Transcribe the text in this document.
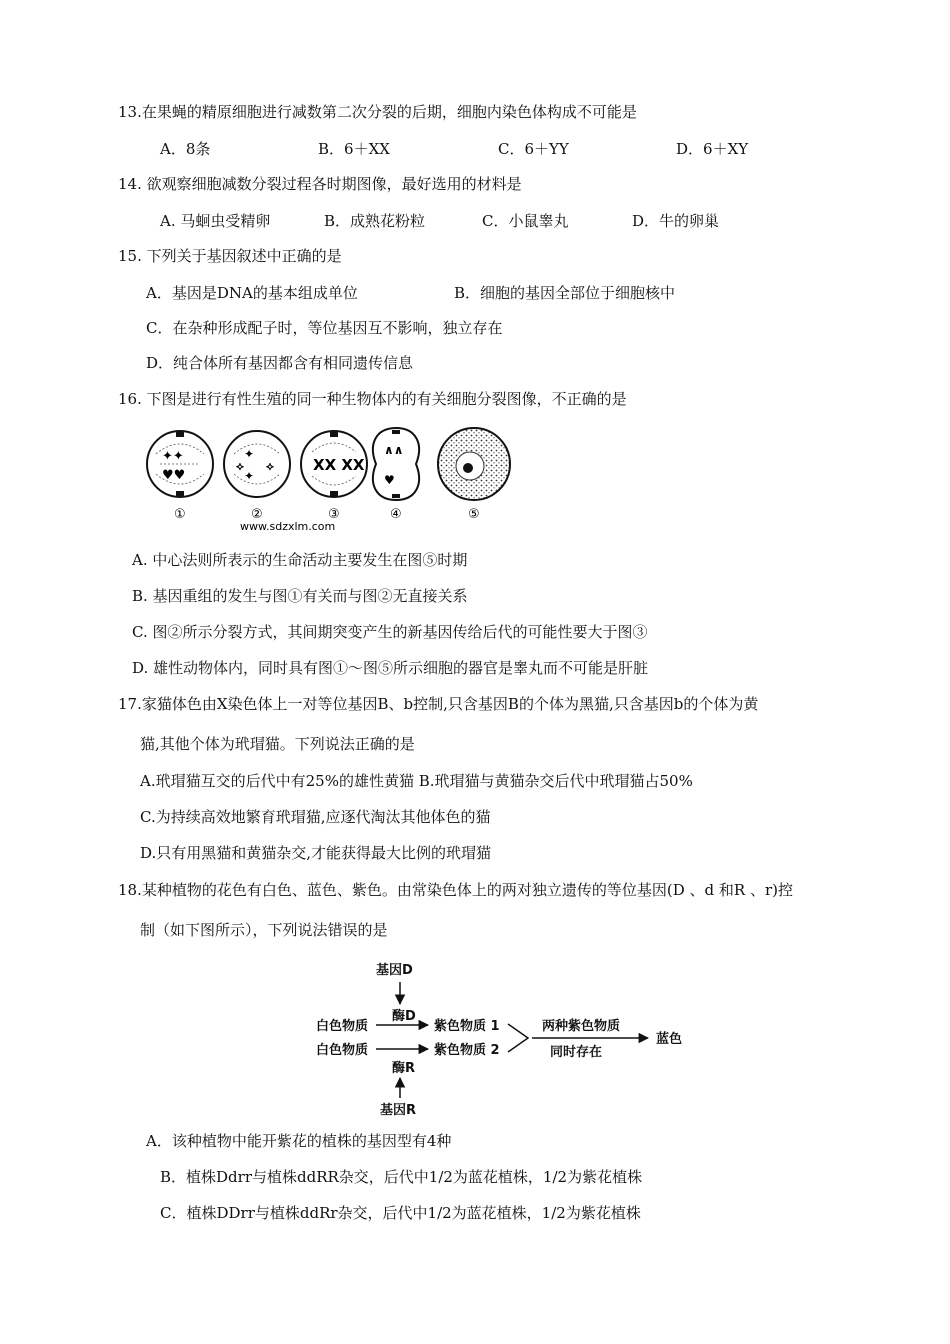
13.在果蝇的精原细胞进行减数第二次分裂的后期，细胞内染色体构成不可能是
A．8条	B．6＋XX	C．6＋YY	D．6＋XY
14. 欲观察细胞减数分裂过程各时期图像，最好选用的材料是
A. 马蛔虫受精卵	B．成熟花粉粒	C．小鼠睾丸	D．牛的卵巢
15. 下列关于基因叙述中正确的是
A．基因是DNA的基本组成单位	B．细胞的基因全部位于细胞核中
C．在杂种形成配子时，等位基因互不影响，独立存在
D．纯合体所有基因都含有相同遗传信息
16. 下图是进行有性生殖的同一种生物体内的有关细胞分裂图像，不正确的是
✦✦
♥♥
✦
✦
⟡ ⟡	XX XX
∧∧
♥
①	②	③	④	⑤
www.sdzxlm.com
A. 中心法则所表示的生命活动主要发生在图⑤时期
B. 基因重组的发生与图①有关而与图②无直接关系
C. 图②所示分裂方式，其间期突变产生的新基因传给后代的可能性要大于图③
D. 雄性动物体内，同时具有图①～图⑤所示细胞的器官是睾丸而不可能是肝脏
17.家猫体色由X染色体上一对等位基因B、b控制,只含基因B的个体为黑猫,只含基因b的个体为黄
猫,其他个体为玳瑁猫。下列说法正确的是
A.玳瑁猫互交的后代中有25%的雄性黄猫 B.玳瑁猫与黄猫杂交后代中玳瑁猫占50%
C.为持续高效地繁育玳瑁猫,应逐代淘汰其他体色的猫
D.只有用黑猫和黄猫杂交,才能获得最大比例的玳瑁猫
18.某种植物的花色有白色、蓝色、紫色。由常染色体上的两对独立遗传的等位基因(D 、d 和R 、r)控
制（如下图所示），下列说法错误的是
基因D
酶D
白色物质	紫色物质 1
白色物质	紫色物质 2
酶R
基因R
两种紫色物质
同时存在
蓝色
A．该种植物中能开紫花的植株的基因型有4种
B．植株Ddrr与植株ddRR杂交，后代中1/2为蓝花植株，1/2为紫花植株
C．植株DDrr与植株ddRr杂交，后代中1/2为蓝花植株，1/2为紫花植株
